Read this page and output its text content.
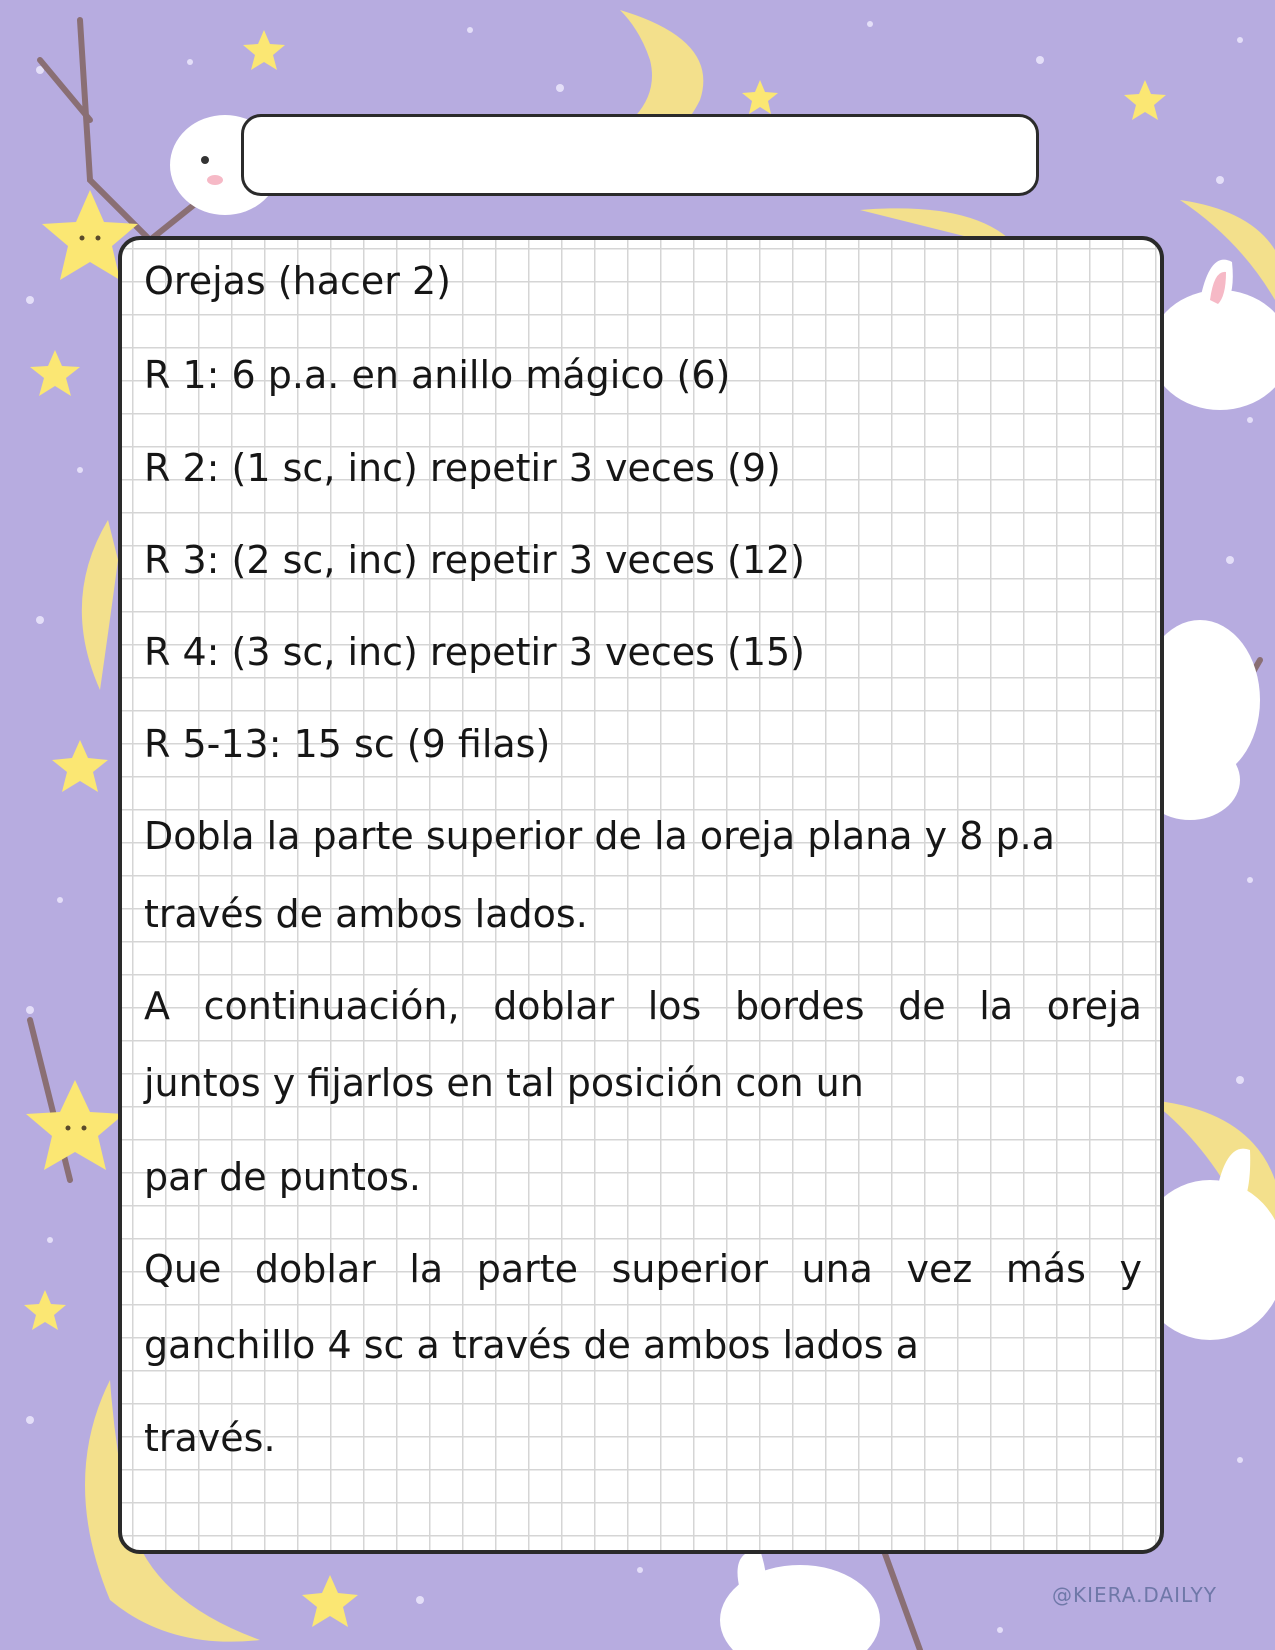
Orejas (hacer 2)

R 1: 6 p.a. en anillo mágico (6)

R 2: (1 sc, inc) repetir 3 veces (9)

R 3: (2 sc, inc) repetir 3 veces (12)

R 4: (3 sc, inc) repetir 3 veces (15)

R 5-13: 15 sc (9 filas)

Dobla la parte superior de la oreja plana y 8 p.a

través de ambos lados.

A continuación, doblar los bordes de la oreja

juntos y fijarlos en tal posición con un

par de puntos.

Que doblar la parte superior una vez más y

ganchillo 4 sc a través de ambos lados a

través.

@KIERA.DAILYY
